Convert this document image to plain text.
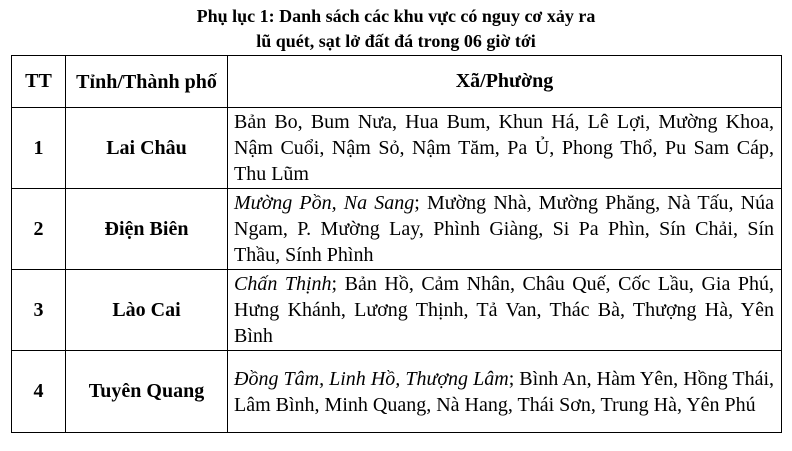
Phụ lục 1: Danh sách các khu vực có nguy cơ xảy ra
lũ quét, sạt lở đất đá trong 06 giờ tới
TT	Tỉnh/Thành phố	Xã/Phường
1	Lai Châu	Bản Bo, Bum Nưa, Hua Bum, Khun Há, Lê Lợi, Mường Khoa, Nậm Cuổi, Nậm Sỏ, Nậm Tăm, Pa Ủ, Phong Thổ, Pu Sam Cáp, Thu Lũm
2	Điện Biên	Mường Pồn, Na Sang; Mường Nhà, Mường Phăng, Nà Tấu, Núa Ngam, P. Mường Lay, Phình Giàng, Si Pa Phìn, Sín Chải, Sín Thầu, Sính Phình
3	Lào Cai	Chấn Thịnh; Bản Hồ, Cảm Nhân, Châu Quế, Cốc Lầu, Gia Phú, Hưng Khánh, Lương Thịnh, Tả Van, Thác Bà, Thượng Hà, Yên Bình
4	Tuyên Quang	Đồng Tâm, Linh Hồ, Thượng Lâm; Bình An, Hàm Yên, Hồng Thái, Lâm Bình, Minh Quang, Nà Hang, Thái Sơn, Trung Hà, Yên Phú
